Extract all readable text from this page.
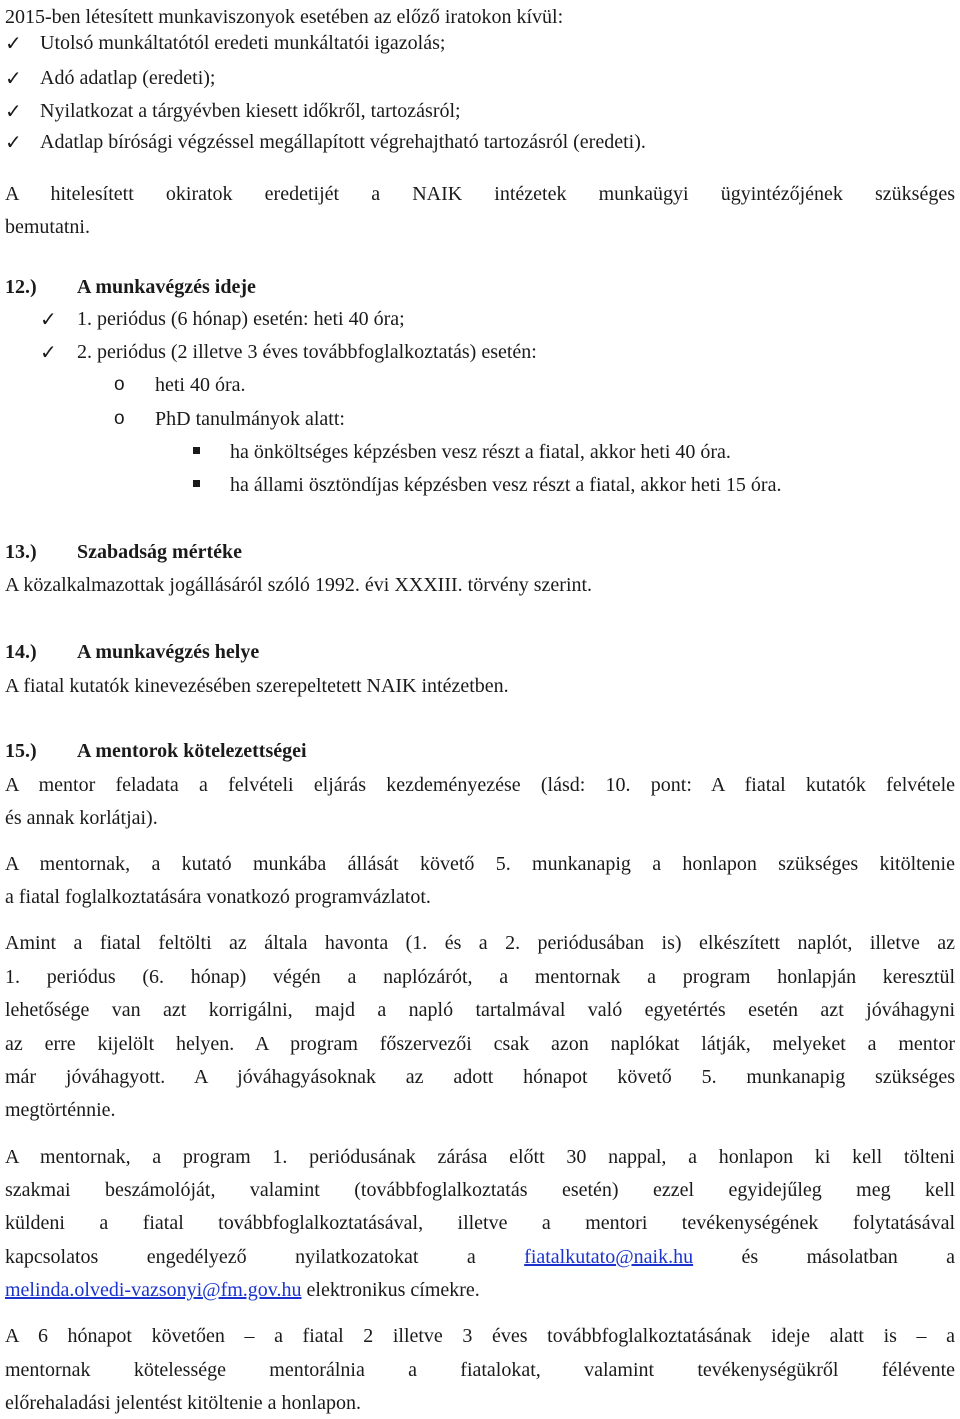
2015-ben létesített munkaviszonyok esetében az előző iratokon kívül:
✓ Utolsó munkáltatótól eredeti munkáltatói igazolás;
✓ Adó adatlap (eredeti);
✓ Nyilatkozat a tárgyévben kiesett időkről, tartozásról;
✓ Adatlap bírósági végzéssel megállapított végrehajtható tartozásról (eredeti).
A hitelesített okiratok eredetijét a NAIK intézetek munkaügyi ügyintézőjének szükséges
bemutatni.
12.) A munkavégzés ideje
✓ 1. periódus (6 hónap) esetén: heti 40 óra;
✓ 2. periódus (2 illetve 3 éves továbbfoglalkoztatás) esetén:
o heti 40 óra.
o PhD tanulmányok alatt:
ha önköltséges képzésben vesz részt a fiatal, akkor heti 40 óra.
ha állami ösztöndíjas képzésben vesz részt a fiatal, akkor heti 15 óra.
13.) Szabadság mértéke
A közalkalmazottak jogállásáról szóló 1992. évi XXXIII. törvény szerint.
14.) A munkavégzés helye
A fiatal kutatók kinevezésében szerepeltetett NAIK intézetben.
15.) A mentorok kötelezettségei
A mentor feladata a felvételi eljárás kezdeményezése (lásd: 10. pont: A fiatal kutatók felvétele
és annak korlátjai).
A mentornak, a kutató munkába állását követő 5. munkanapig a honlapon szükséges kitöltenie
a fiatal foglalkoztatására vonatkozó programvázlatot.
Amint a fiatal feltölti az általa havonta (1. és a 2. periódusában is) elkészített naplót, illetve az
1. periódus (6. hónap) végén a naplózárót, a mentornak a program honlapján keresztül
lehetősége van azt korrigálni, majd a napló tartalmával való egyetértés esetén azt jóváhagyni
az erre kijelölt helyen. A program főszervezői csak azon naplókat látják, melyeket a mentor
már jóváhagyott. A jóváhagyásoknak az adott hónapot követő 5. munkanapig szükséges
megtörténnie.
A mentornak, a program 1. periódusának zárása előtt 30 nappal, a honlapon ki kell tölteni
szakmai beszámolóját, valamint (továbbfoglalkoztatás esetén) ezzel egyidejűleg meg kell
küldeni a fiatal továbbfoglalkoztatásával, illetve a mentori tevékenységének folytatásával
kapcsolatos engedélyező nyilatkozatokat a fiatalkutato@naik.hu és másolatban a
melinda.olvedi-vazsonyi@fm.gov.hu elektronikus címekre.
A 6 hónapot követően – a fiatal 2 illetve 3 éves továbbfoglalkoztatásának ideje alatt is – a
mentornak kötelessége mentorálnia a fiatalokat, valamint tevékenységükről félévente
előrehaladási jelentést kitöltenie a honlapon.
